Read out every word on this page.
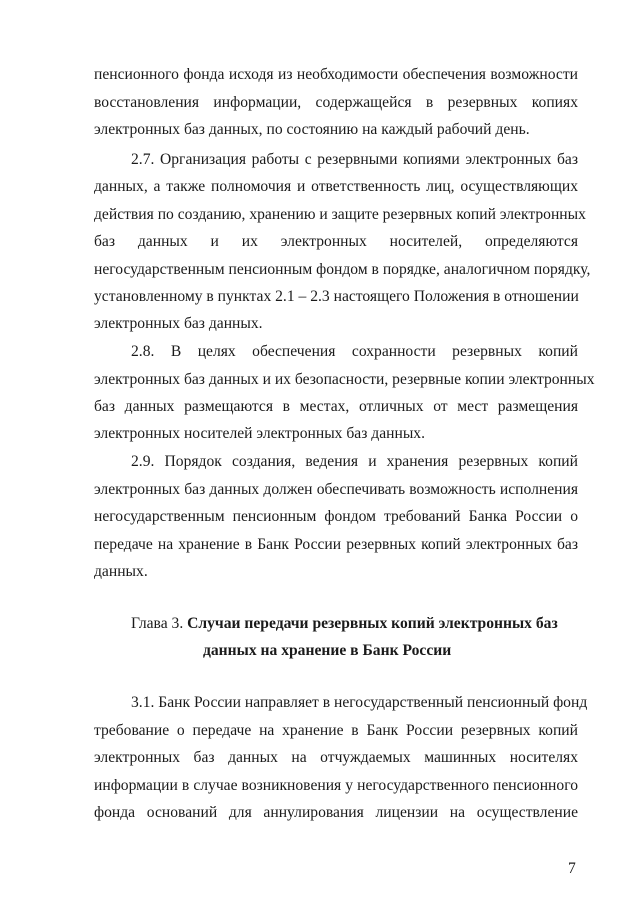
пенсионного фонда исходя из необходимости обеспечения возможности
восстановления информации, содержащейся в резервных копиях
электронных баз данных, по состоянию на каждый рабочий день.
2.7. Организация работы с резервными копиями электронных баз
данных, а также полномочия и ответственность лиц, осуществляющих
действия по созданию, хранению и защите резервных копий электронных
баз данных и их электронных носителей, определяются
негосударственным пенсионным фондом в порядке, аналогичном порядку,
установленному в пунктах 2.1 – 2.3 настоящего Положения в отношении
электронных баз данных.
2.8. В целях обеспечения сохранности резервных копий
электронных баз данных и их безопасности, резервные копии электронных
баз данных размещаются в местах, отличных от мест размещения
электронных носителей электронных баз данных.
2.9. Порядок создания, ведения и хранения резервных копий
электронных баз данных должен обеспечивать возможность исполнения
негосударственным пенсионным фондом требований Банка России о
передаче на хранение в Банк России резервных копий электронных баз
данных.
Глава 3. Случаи передачи резервных копий электронных баз
данных на хранение в Банк России
3.1. Банк России направляет в негосударственный пенсионный фонд
требование о передаче на хранение в Банк России резервных копий
электронных баз данных на отчуждаемых машинных носителях
информации в случае возникновения у негосударственного пенсионного
фонда оснований для аннулирования лицензии на осуществление
7
